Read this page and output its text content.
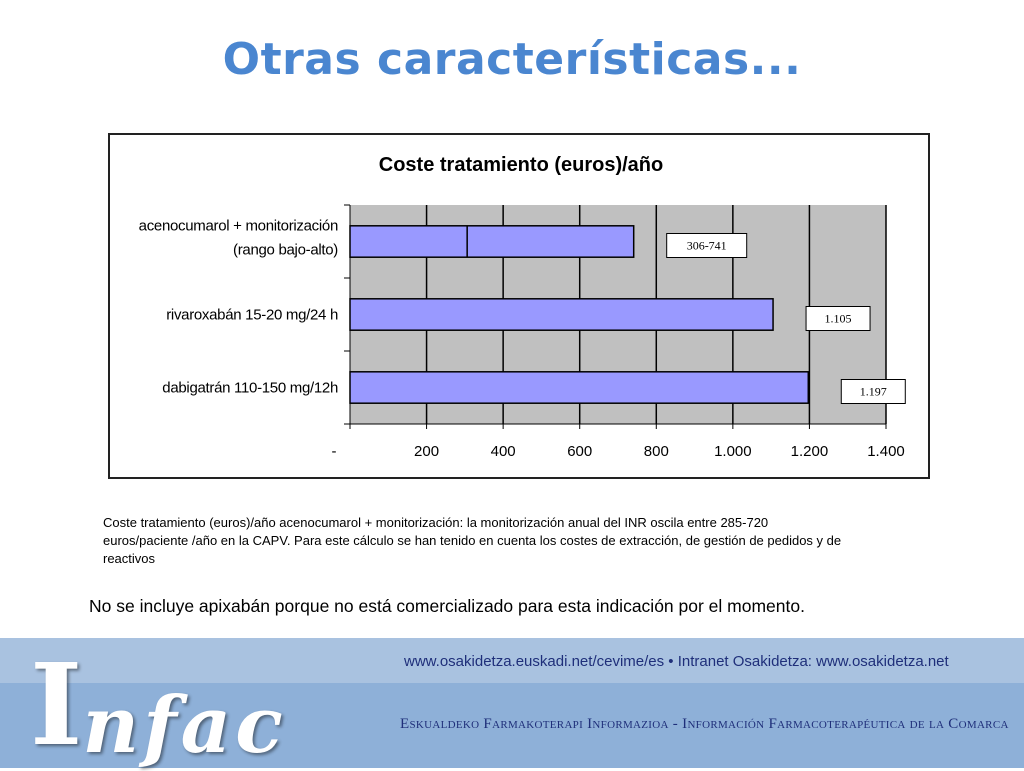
Otras características...
Coste tratamiento (euros)/año
-	200	400	600	800	1.000	1.200	1.400
acenocumarol + monitorización
(rango bajo-alto)	306-741
rivaroxabán 15-20 mg/24 h	1.105
dabigatrán 110-150 mg/12h	1.197
Coste tratamiento (euros)/año acenocumarol + monitorización: la monitorización anual del INR oscila entre 285-720 euros/paciente /año en la CAPV. Para este cálculo se han tenido en cuenta los costes de extracción, de gestión de pedidos y de reactivos
No se incluye apixabán porque no está comercializado para esta indicación por el momento.
www.osakidetza.euskadi.net/cevime/es • Intranet Osakidetza: www.osakidetza.net
Eskualdeko Farmakoterapi Informazioa - Información Farmacoterapéutica de la Comarca
Infac
